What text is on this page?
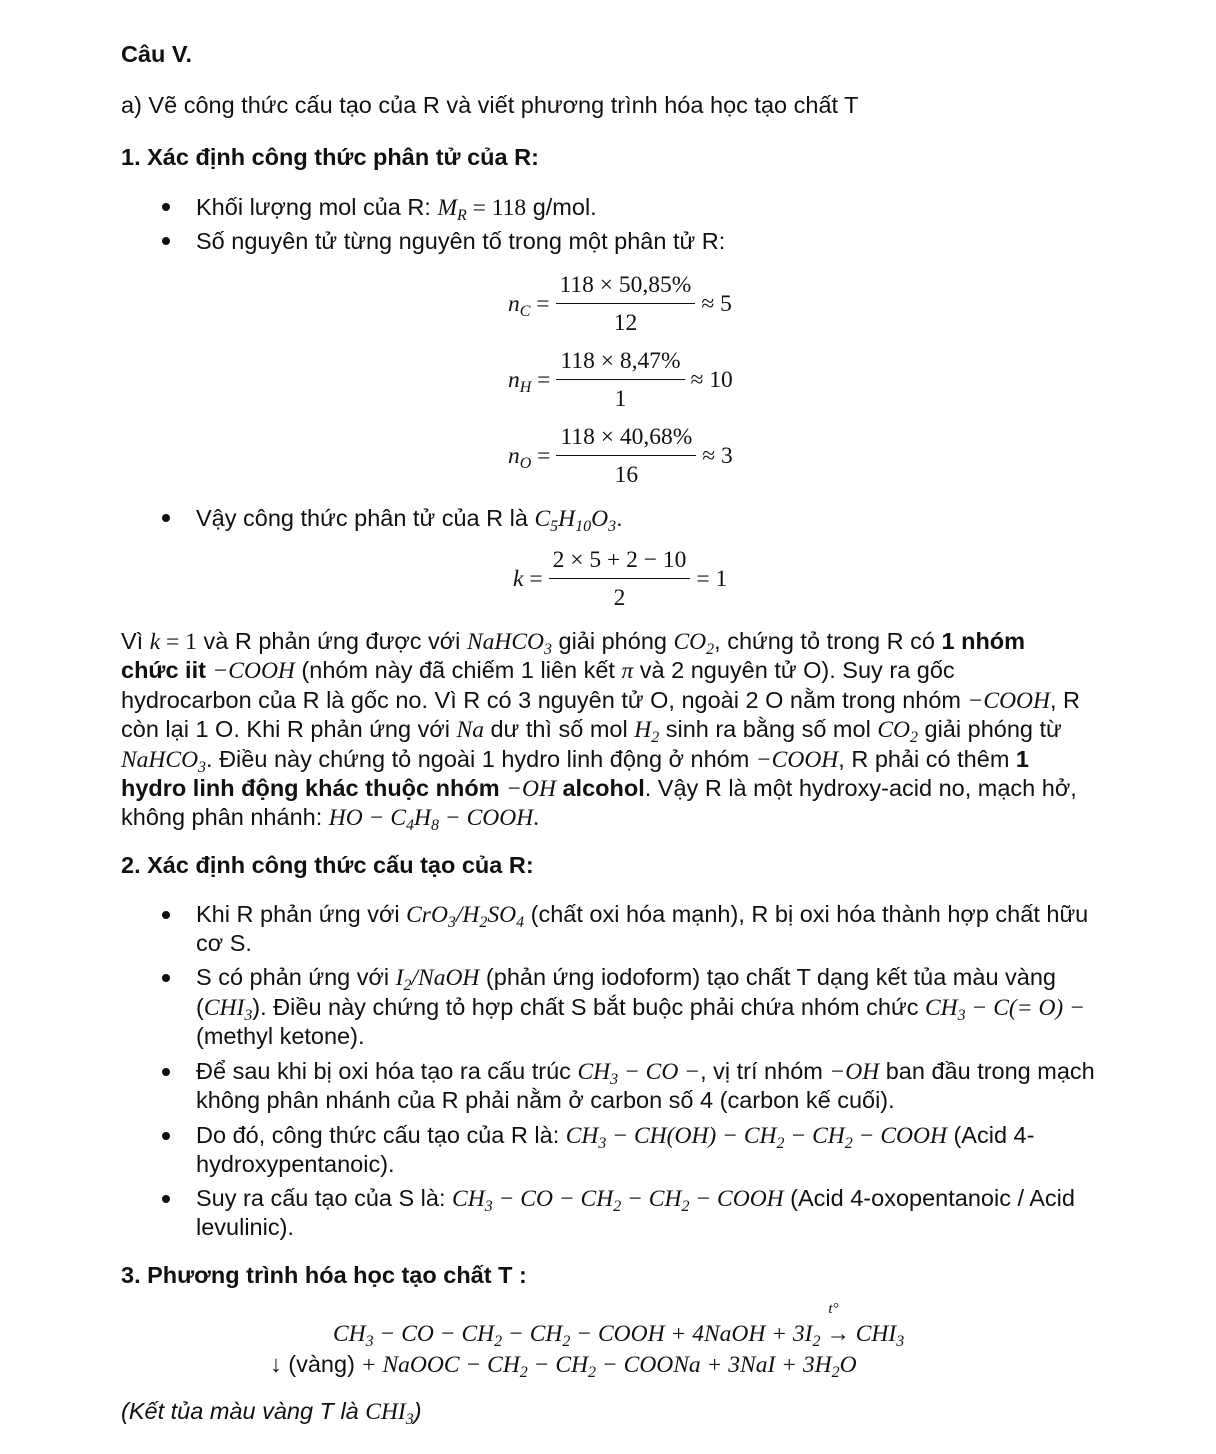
Câu V.
a) Vẽ công thức cấu tạo của R và viết phương trình hóa học tạo chất T
1. Xác định công thức phân tử của R:
Khối lượng mol của R: $M_R = 118$ g/mol.
Số nguyên tử từng nguyên tố trong một phân tử R:
$n_C = \frac{118 \times 50,85\%}{12} \approx 5$
$n_H = \frac{118 \times 8,47\%}{1} \approx 10$
$n_O = \frac{118 \times 40,68\%}{16} \approx 3$
Vậy công thức phân tử của R là $C_5H_{10}O_3$.
$k = \frac{2 \times 5 + 2 - 10}{2} = 1$
Vì k = 1 và R phản ứng được với NaHCO$_3$ giải phóng $CO_2$, chứng tỏ trong R có 1 nhóm
chức iit −COOH (nhóm này đã chiếm 1 liên kết π và 2 nguyên tử O). Suy ra gốc
hydrocarbon của R là gốc no. Vì R có 3 nguyên tử O, ngoài 2 O nằm trong nhóm −COOH, R
còn lại 1 O. Khi R phản ứng với Na dư thì số mol $H_2$ sinh ra bằng số mol $CO_2$ giải phóng từ
NaHCO$_3$. Điều này chứng tỏ ngoài 1 hydro linh động ở nhóm −COOH, R phải có thêm 1
hydro linh động khác thuộc nhóm −OH alcohol. Vậy R là một hydroxy-acid no, mạch hở,
không phân nhánh: HO − $C_4H_8$ − COOH.
2. Xác định công thức cấu tạo của R:
Khi R phản ứng với $CrO_3/H_2SO_4$ (chất oxi hóa mạnh), R bị oxi hóa thành hợp chất hữu
cơ S.
S có phản ứng với $I_2$/NaOH (phản ứng iodoform) tạo chất T dạng kết tủa màu vàng
$(CHI_3)$. Điều này chứng tỏ hợp chất S bắt buộc phải chứa nhóm chức $CH_3 - C(= O)$ −
(methyl ketone).
Để sau khi bị oxi hóa tạo ra cấu trúc $CH_3$ − CO −, vị trí nhóm −OH ban đầu trong mạch
không phân nhánh của R phải nằm ở carbon số 4 (carbon kế cuối).
Do đó, công thức cấu tạo của R là: $CH_3 - CH(OH) - CH_2 - CH_2$ − COOH (Acid 4-
hydroxypentanoic).
Suy ra cấu tạo của S là: $CH_3$ − CO − $CH_2 - CH_2$ − COOH (Acid 4-oxopentanoic / Acid
levulinic).
3. Phương trình hóa học tạo chất T :
$CH_3$ − CO − $CH_2 - CH_2$ − COOH + 4NaOH + $3I_2$
t°
→ $CHI_3$
↓ (vàng) + NaOOC − $CH_2 - CH_2$ − COONa + $3NaI + 3H_2O$
(Kết tủa màu vàng T là $CHI_3$)
